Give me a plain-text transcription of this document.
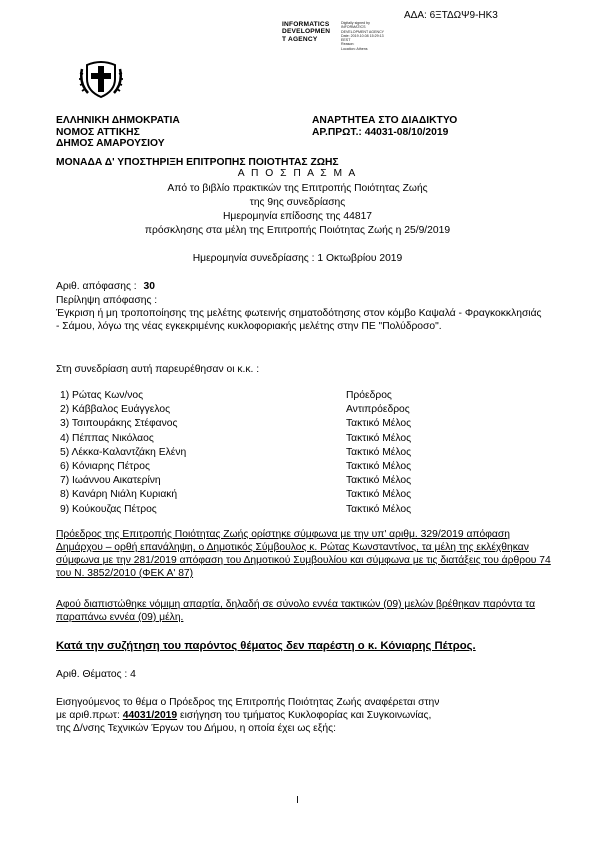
ΑΔΑ: 6ΞΤΔΩΨ9-ΗΚ3
INFORMATICS
DEVELOPMEN
T AGENCY
Digitally signed by
INFORMATICS
DEVELOPMENT AGENCY
Date: 2019.10.08 15:29:13
EEST
Reason:
Location: Athens
ΕΛΛΗΝΙΚΗ ΔΗΜΟΚΡΑΤΙΑ
ΝΟΜΟΣ ΑΤΤΙΚΗΣ
ΔΗΜΟΣ ΑΜΑΡΟΥΣΙΟΥ
ΑΝΑΡΤΗΤΕΑ ΣΤΟ ΔΙΑΔΙΚΤΥΟ
ΑΡ.ΠΡΩΤ.: 44031-08/10/2019
ΜΟΝΑΔΑ Δ' ΥΠΟΣΤΗΡΙΞΗ ΕΠΙΤΡΟΠΗΣ ΠΟΙΟΤΗΤΑΣ ΖΩΗΣ
Α Π Ο Σ Π Α Σ Μ Α
Από το βιβλίο πρακτικών της Επιτροπής Ποιότητας Ζωής
της 9ης συνεδρίασης
Ημερομηνία επίδοσης της 44817
πρόσκλησης στα μέλη της Επιτροπής Ποιότητας Ζωής η 25/9/2019
Ημερομηνία συνεδρίασης : 1 Οκτωβρίου 2019
Αριθ. απόφασης : 30
Περίληψη απόφασης :
Έγκριση ή μη τροποποίησης της μελέτης φωτεινής σηματοδότησης στον κόμβο Καψαλά - Φραγκοκκλησιάς - Σάμου, λόγω της νέας εγκεκριμένης κυκλοφοριακής μελέτης στην ΠΕ "Πολύδροσο".
Στη συνεδρίαση αυτή παρευρέθησαν οι κ.κ. :
1) Ρώτας Κων/νος	Πρόεδρος
2) Κάββαλος Ευάγγελος	Αντιπρόεδρος
3) Τσιπουράκης Στέφανος	Τακτικό Μέλος
4) Πέππας Νικόλαος	Τακτικό Μέλος
5) Λέκκα-Καλαντζάκη Ελένη	Τακτικό Μέλος
6) Κόνιαρης Πέτρος	Τακτικό Μέλος
7) Ιωάννου Αικατερίνη	Τακτικό Μέλος
8) Κανάρη Νιάλη Κυριακή	Τακτικό Μέλος
9) Κούκουζας Πέτρος	Τακτικό Μέλος
Πρόεδρος της Επιτροπής Ποιότητας Ζωής ορίστηκε σύμφωνα με την υπ' αριθμ. 329/2019 απόφαση Δημάρχου – ορθή επανάληψη, ο Δημοτικός Σύμβουλος κ. Ρώτας Κωνσταντίνος, τα μέλη της εκλέχθηκαν σύμφωνα με την 281/2019 απόφαση του Δημοτικού Συμβουλίου και σύμφωνα με τις διατάξεις του άρθρου 74 του Ν. 3852/2010 (ΦΕΚ Α' 87)
Αφού διαπιστώθηκε νόμιμη απαρτία, δηλαδή σε σύνολο εννέα τακτικών (09) μελών βρέθηκαν παρόντα τα παραπάνω εννέα (09) μέλη.
Κατά την συζήτηση του παρόντος θέματος δεν παρέστη ο κ. Κόνιαρης Πέτρος.
Αριθ. Θέματος : 4
Εισηγούμενος το θέμα ο Πρόεδρος της Επιτροπής Ποιότητας Ζωής αναφέρεται στην
με αριθ.πρωτ: 44031/2019 εισήγηση του τμήματος Κυκλοφορίας και Συγκοινωνίας,
της Δ/νσης Τεχνικών Έργων του Δήμου, η οποία έχει ως εξής:
I
